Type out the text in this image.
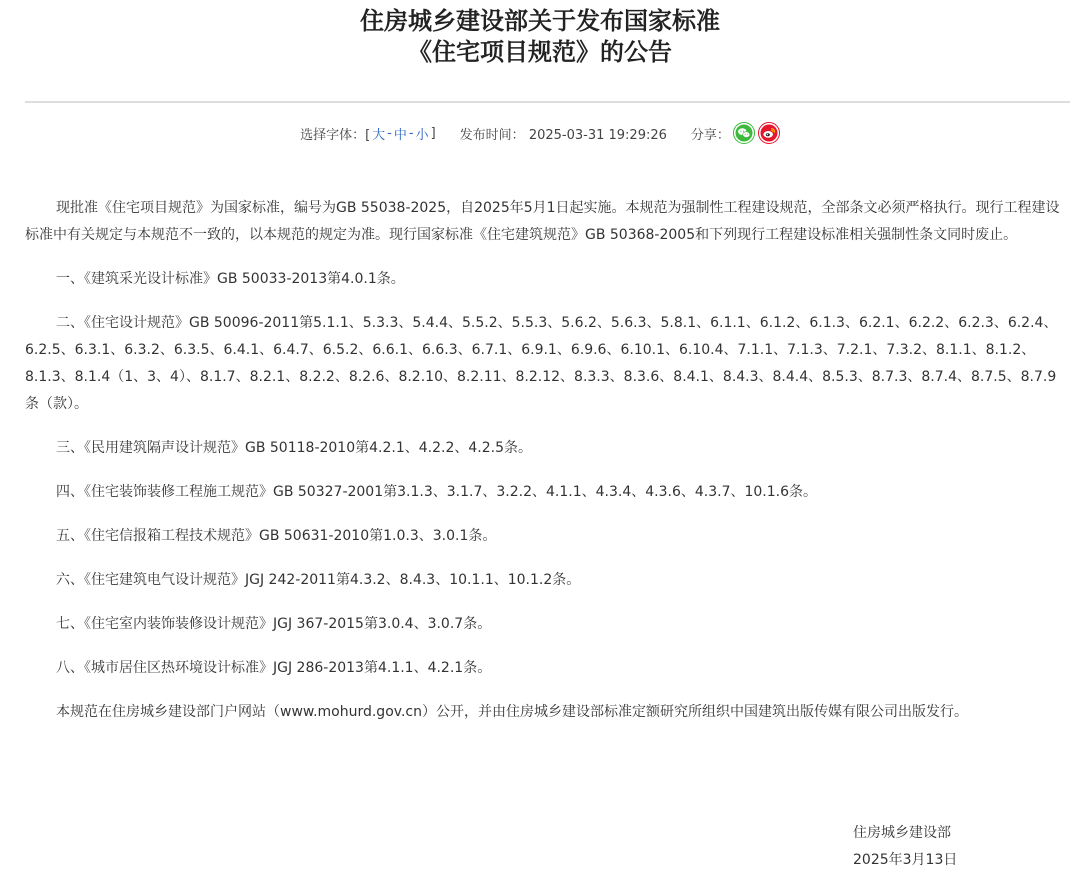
住房城乡建设部关于发布国家标准
《住宅项目规范》的公告
选择字体：[ 大 - 中 - 小 ] 发布时间： 2025-03-31 19:29:26 分享：

现批准《住宅项目规范》为国家标准，编号为GB 55038-2025，自2025年5月1日起实施。本规范为强制性工程建设规范，全部条文必须严格执行。现行工程建设标准中有关规定与本规范不一致的，以本规范的规定为准。现行国家标准《住宅建筑规范》GB 50368-2005和下列现行工程建设标准相关强制性条文同时废止。

一、《建筑采光设计标准》GB 50033-2013第4.0.1条。

二、《住宅设计规范》GB 50096-2011第5.1.1、5.3.3、5.4.4、5.5.2、5.5.3、5.6.2、5.6.3、5.8.1、6.1.1、6.1.2、6.1.3、6.2.1、6.2.2、6.2.3、6.2.4、6.2.5、6.3.1、6.3.2、6.3.5、6.4.1、6.4.7、6.5.2、6.6.1、6.6.3、6.7.1、6.9.1、6.9.6、6.10.1、6.10.4、7.1.1、7.1.3、7.2.1、7.3.2、8.1.1、8.1.2、8.1.3、8.1.4（1、3、4）、8.1.7、8.2.1、8.2.2、8.2.6、8.2.10、8.2.11、8.2.12、8.3.3、8.3.6、8.4.1、8.4.3、8.4.4、8.5.3、8.7.3、8.7.4、8.7.5、8.7.9条（款）。

三、《民用建筑隔声设计规范》GB 50118-2010第4.2.1、4.2.2、4.2.5条。

四、《住宅装饰装修工程施工规范》GB 50327-2001第3.1.3、3.1.7、3.2.2、4.1.1、4.3.4、4.3.6、4.3.7、10.1.6条。

五、《住宅信报箱工程技术规范》GB 50631-2010第1.0.3、3.0.1条。

六、《住宅建筑电气设计规范》JGJ 242-2011第4.3.2、8.4.3、10.1.1、10.1.2条。

七、《住宅室内装饰装修设计规范》JGJ 367-2015第3.0.4、3.0.7条。

八、《城市居住区热环境设计标准》JGJ 286-2013第4.1.1、4.2.1条。

本规范在住房城乡建设部门户网站（www.mohurd.gov.cn）公开，并由住房城乡建设部标准定额研究所组织中国建筑出版传媒有限公司出版发行。

住房城乡建设部
2025年3月13日
